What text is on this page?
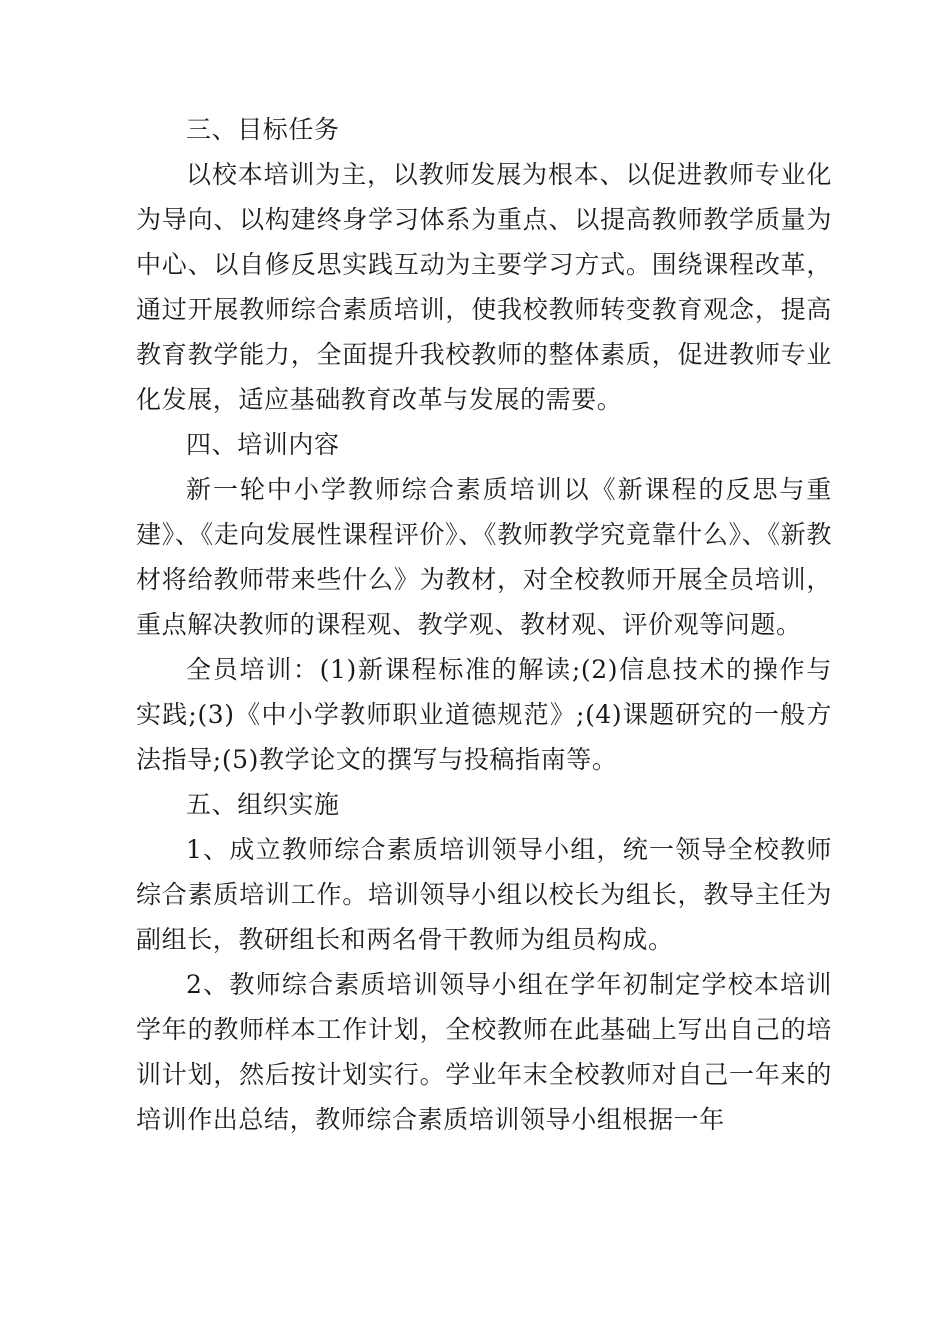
三、目标任务

以校本培训为主，以教师发展为根本、以促进教师专业化为导向、以构建终身学习体系为重点、以提高教师教学质量为中心、以自修反思实践互动为主要学习方式。围绕课程改革，通过开展教师综合素质培训，使我校教师转变教育观念，提高教育教学能力，全面提升我校教师的整体素质，促进教师专业化发展，适应基础教育改革与发展的需要。

四、培训内容

新一轮中小学教师综合素质培训以《新课程的反思与重建》、《走向发展性课程评价》、《教师教学究竟靠什么》、《新教材将给教师带来些什么》为教材，对全校教师开展全员培训，重点解决教师的课程观、教学观、教材观、评价观等问题。

全员培训：(1)新课程标准的解读;(2)信息技术的操作与实践;(3)《中小学教师职业道德规范》;(4)课题研究的一般方法指导;(5)教学论文的撰写与投稿指南等。

五、组织实施

1、成立教师综合素质培训领导小组，统一领导全校教师综合素质培训工作。培训领导小组以校长为组长，教导主任为副组长，教研组长和两名骨干教师为组员构成。

2、教师综合素质培训领导小组在学年初制定学校本培训学年的教师样本工作计划，全校教师在此基础上写出自己的培训计划，然后按计划实行。学业年末全校教师对自己一年来的培训作出总结，教师综合素质培训领导小组根据一年
